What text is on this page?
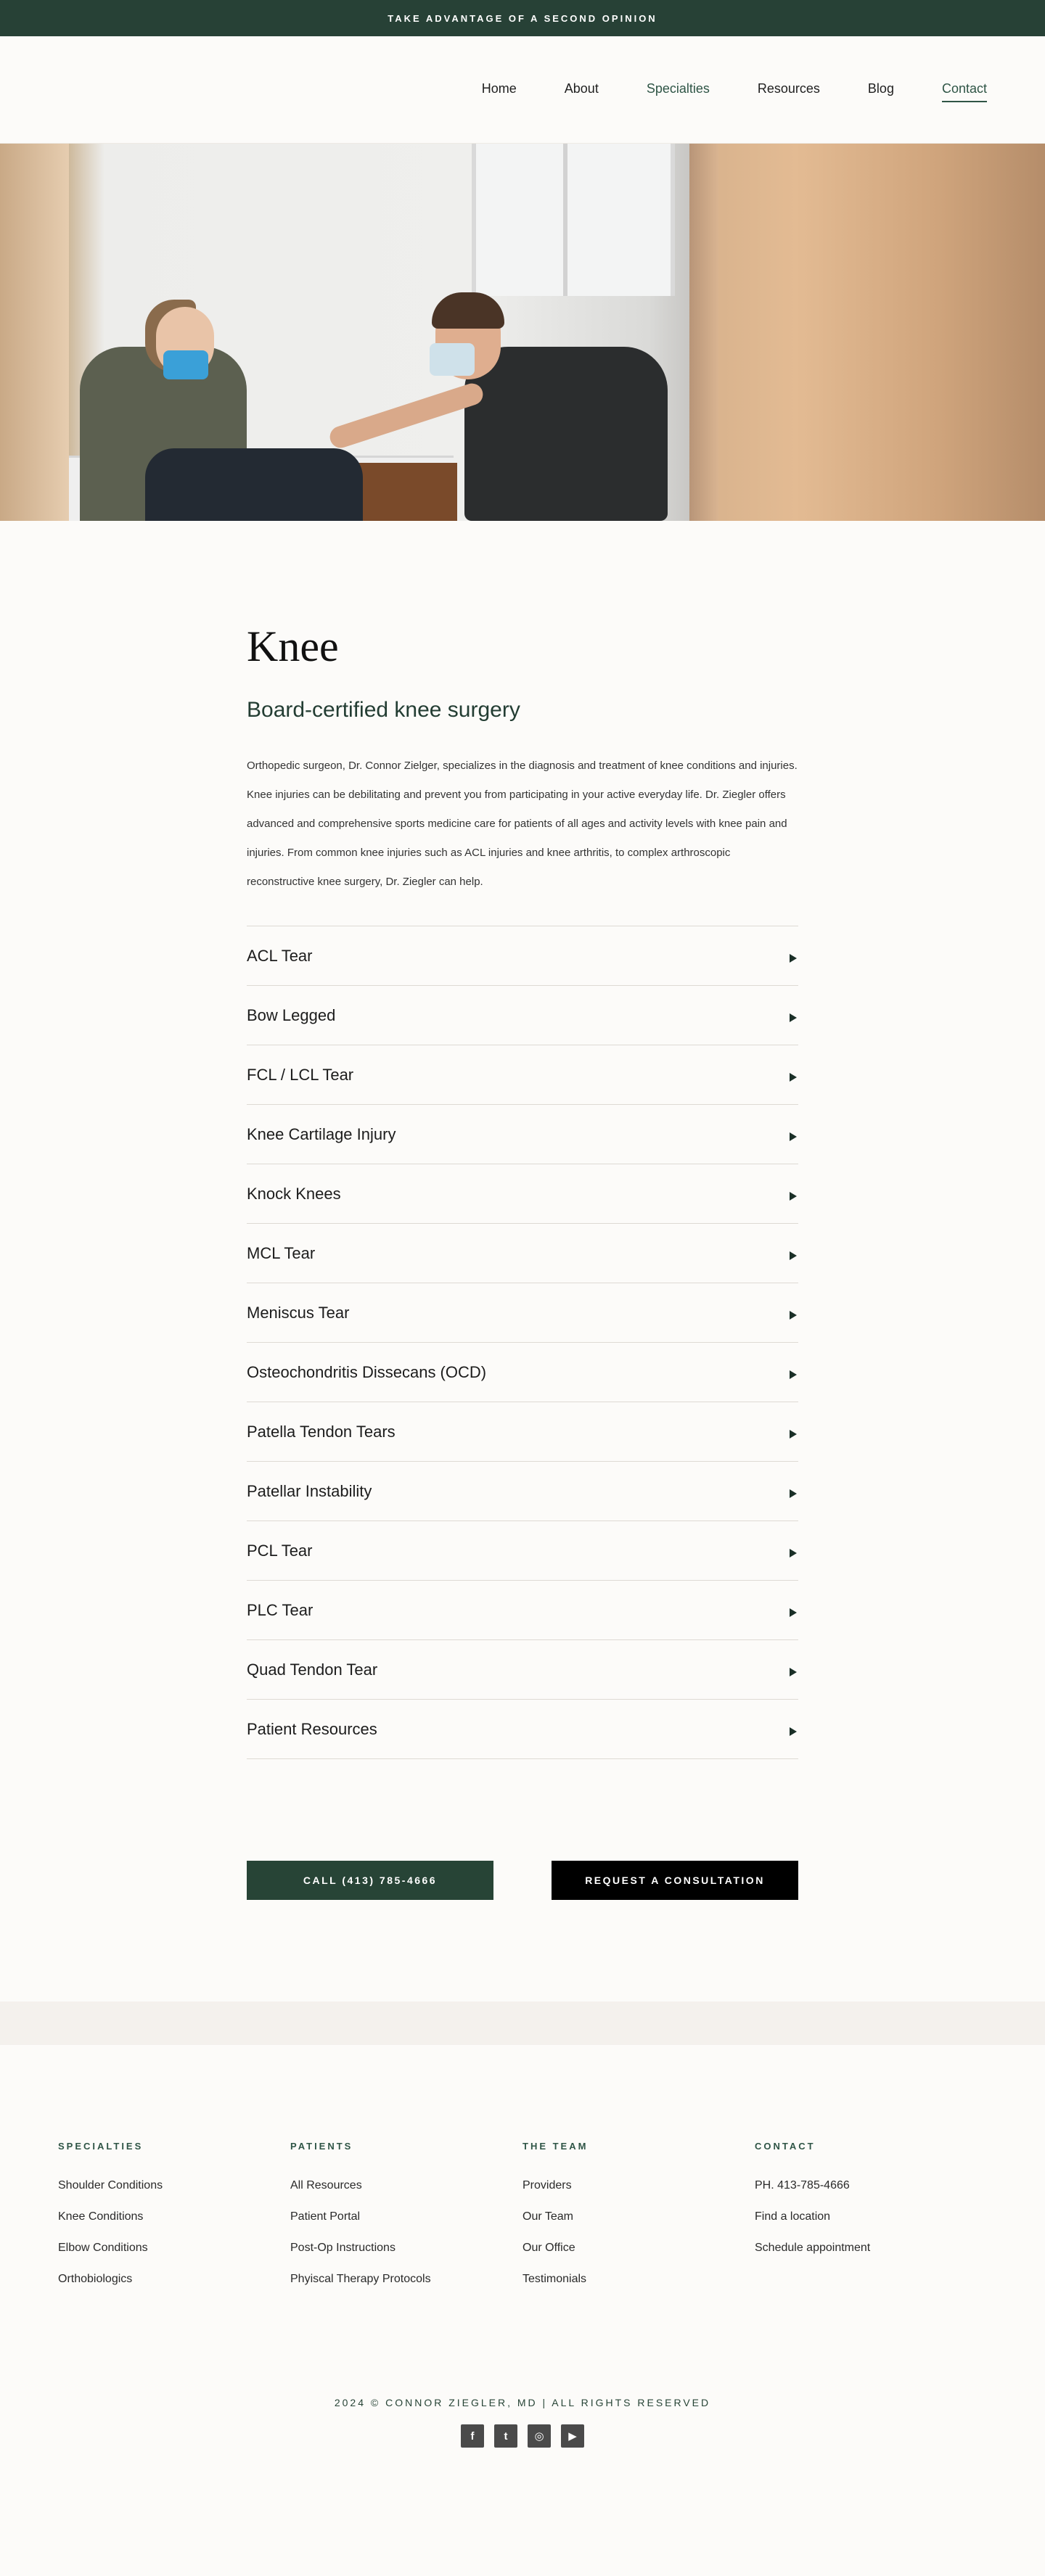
TAKE ADVANTAGE OF A SECOND OPINION
Home	About	Specialties	Resources	Blog	Contact
Knee
Board-certified knee surgery

Orthopedic surgeon, Dr. Connor Zielger, specializes in the diagnosis and treatment of knee conditions and injuries. Knee injuries can be debilitating and prevent you from participating in your active everyday life. Dr. Ziegler offers advanced and comprehensive sports medicine care for patients of all ages and activity levels with knee pain and injuries. From common knee injuries such as ACL injuries and knee arthritis, to complex arthroscopic reconstructive knee surgery, Dr. Ziegler can help.

ACL Tear
Bow Legged
FCL / LCL Tear
Knee Cartilage Injury
Knock Knees
MCL Tear
Meniscus Tear
Osteochondritis Dissecans (OCD)
Patella Tendon Tears
Patellar Instability
PCL Tear
PLC Tear
Quad Tendon Tear
Patient Resources
CALL (413) 785-4666	REQUEST A CONSULTATION
SPECIALTIES
Shoulder Conditions
Knee Conditions
Elbow Conditions
Orthobiologics
PATIENTS
All Resources
Patient Portal
Post-Op Instructions
Phyiscal Therapy Protocols
THE TEAM
Providers
Our Team
Our Office
Testimonials
CONTACT
PH. 413-785-4666
Find a location
Schedule appointment
2024 © CONNOR ZIEGLER, MD | ALL RIGHTS RESERVED
f	t	◎	▶
